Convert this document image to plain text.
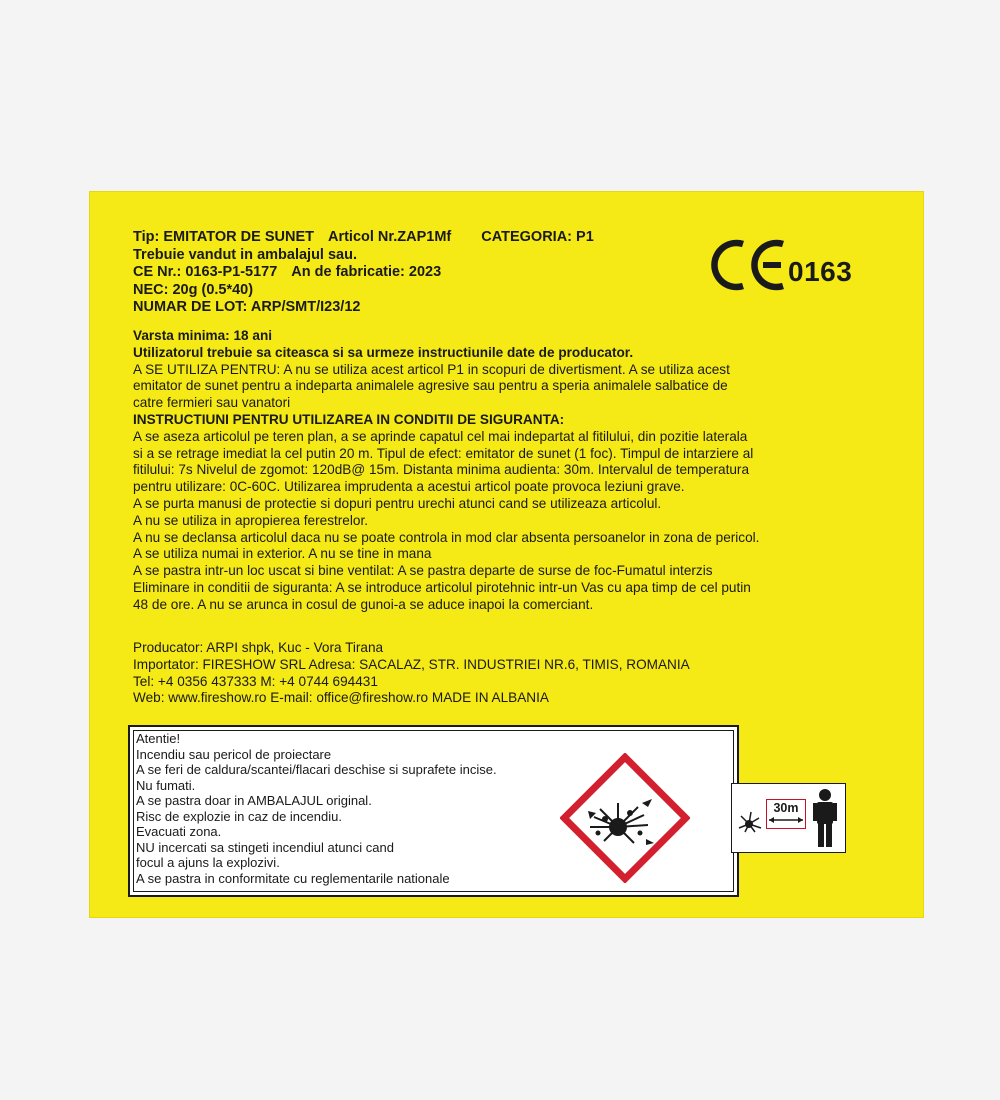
Tip: EMITATOR DE SUNET Articol Nr.ZAP1Mf CATEGORIA: P1
Trebuie vandut in ambalajul sau.
CE Nr.: 0163-P1-5177 An de fabricatie: 2023
NEC: 20g (0.5*40)
NUMAR DE LOT: ARP/SMT/I23/12
0163
Varsta minima: 18 ani
Utilizatorul trebuie sa citeasca si sa urmeze instructiunile date de producator.
A SE UTILIZA PENTRU: A nu se utiliza acest articol P1 in scopuri de divertisment. A se utiliza acest
emitator de sunet pentru a indeparta animalele agresive sau pentru a speria animalele salbatice de
catre fermieri sau vanatori
INSTRUCTIUNI PENTRU UTILIZAREA IN CONDITII DE SIGURANTA:
A se aseza articolul pe teren plan, a se aprinde capatul cel mai indepartat al fitilului, din pozitie laterala
si a se retrage imediat la cel putin 20 m. Tipul de efect: emitator de sunet (1 foc). Timpul de intarziere al
fitilului: 7s Nivelul de zgomot: 120dB@ 15m. Distanta minima audienta: 30m. Intervalul de temperatura
pentru utilizare: 0C-60C. Utilizarea imprudenta a acestui articol poate provoca leziuni grave.
A se purta manusi de protectie si dopuri pentru urechi atunci cand se utilizeaza articolul.
A nu se utiliza in apropierea ferestrelor.
A nu se declansa articolul daca nu se poate controla in mod clar absenta persoanelor in zona de pericol.
A se utiliza numai in exterior. A nu se tine in mana
A se pastra intr-un loc uscat si bine ventilat: A se pastra departe de surse de foc-Fumatul interzis
Eliminare in conditii de siguranta: A se introduce articolul pirotehnic intr-un Vas cu apa timp de cel putin
48 de ore. A nu se arunca in cosul de gunoi-a se aduce inapoi la comerciant.
Producator: ARPI shpk, Kuc - Vora Tirana
Importator: FIRESHOW SRL Adresa: SACALAZ, STR. INDUSTRIEI NR.6, TIMIS, ROMANIA
Tel: +4 0356 437333 M: +4 0744 694431
Web: www.fireshow.ro E-mail: office@fireshow.ro MADE IN ALBANIA
Atentie!
Incendiu sau pericol de proiectare
A se feri de caldura/scantei/flacari deschise si suprafete incise.
Nu fumati.
A se pastra doar in AMBALAJUL original.
Risc de explozie in caz de incendiu.
Evacuati zona.
NU incercati sa stingeti incendiul atunci cand
focul a ajuns la explozivi.
A se pastra in conformitate cu reglementarile nationale
30m
